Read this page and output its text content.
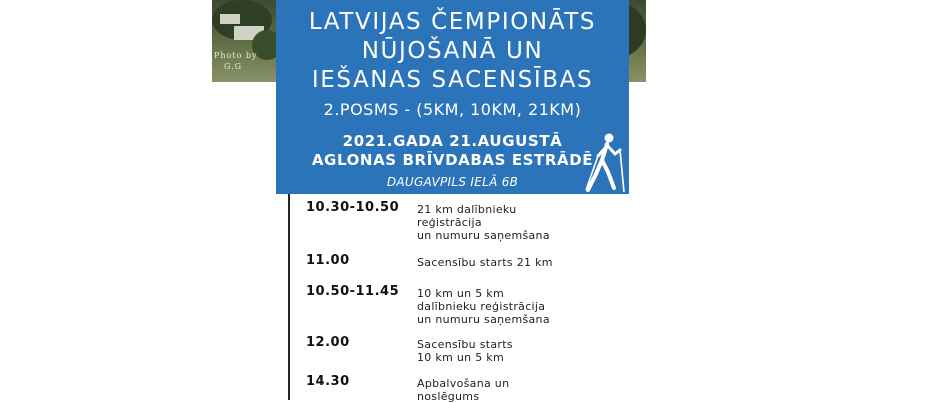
Photo by
G.G
LATVIJAS ČEMPIONĀTS
NŪJOŠANĀ UN
IEŠANAS SACENSĪBAS
2.POSMS - (5KM, 10KM, 21KM)
2021.GADA 21.AUGUSTĀ
AGLONAS BRĪVDABAS ESTRĀDĒ
DAUGAVPILS IELĀ 6B
10.30-10.50 21 km dalībnieku
reģistrācija
un numuru saņemšana
11.00	Sacensību starts 21 km
10.50-11.45 10 km un 5 km
dalībnieku reģistrācija
un numuru saņemšana
12.00	Sacensību starts
10 km un 5 km
14.30	Apbalvošana un
noslēgums
